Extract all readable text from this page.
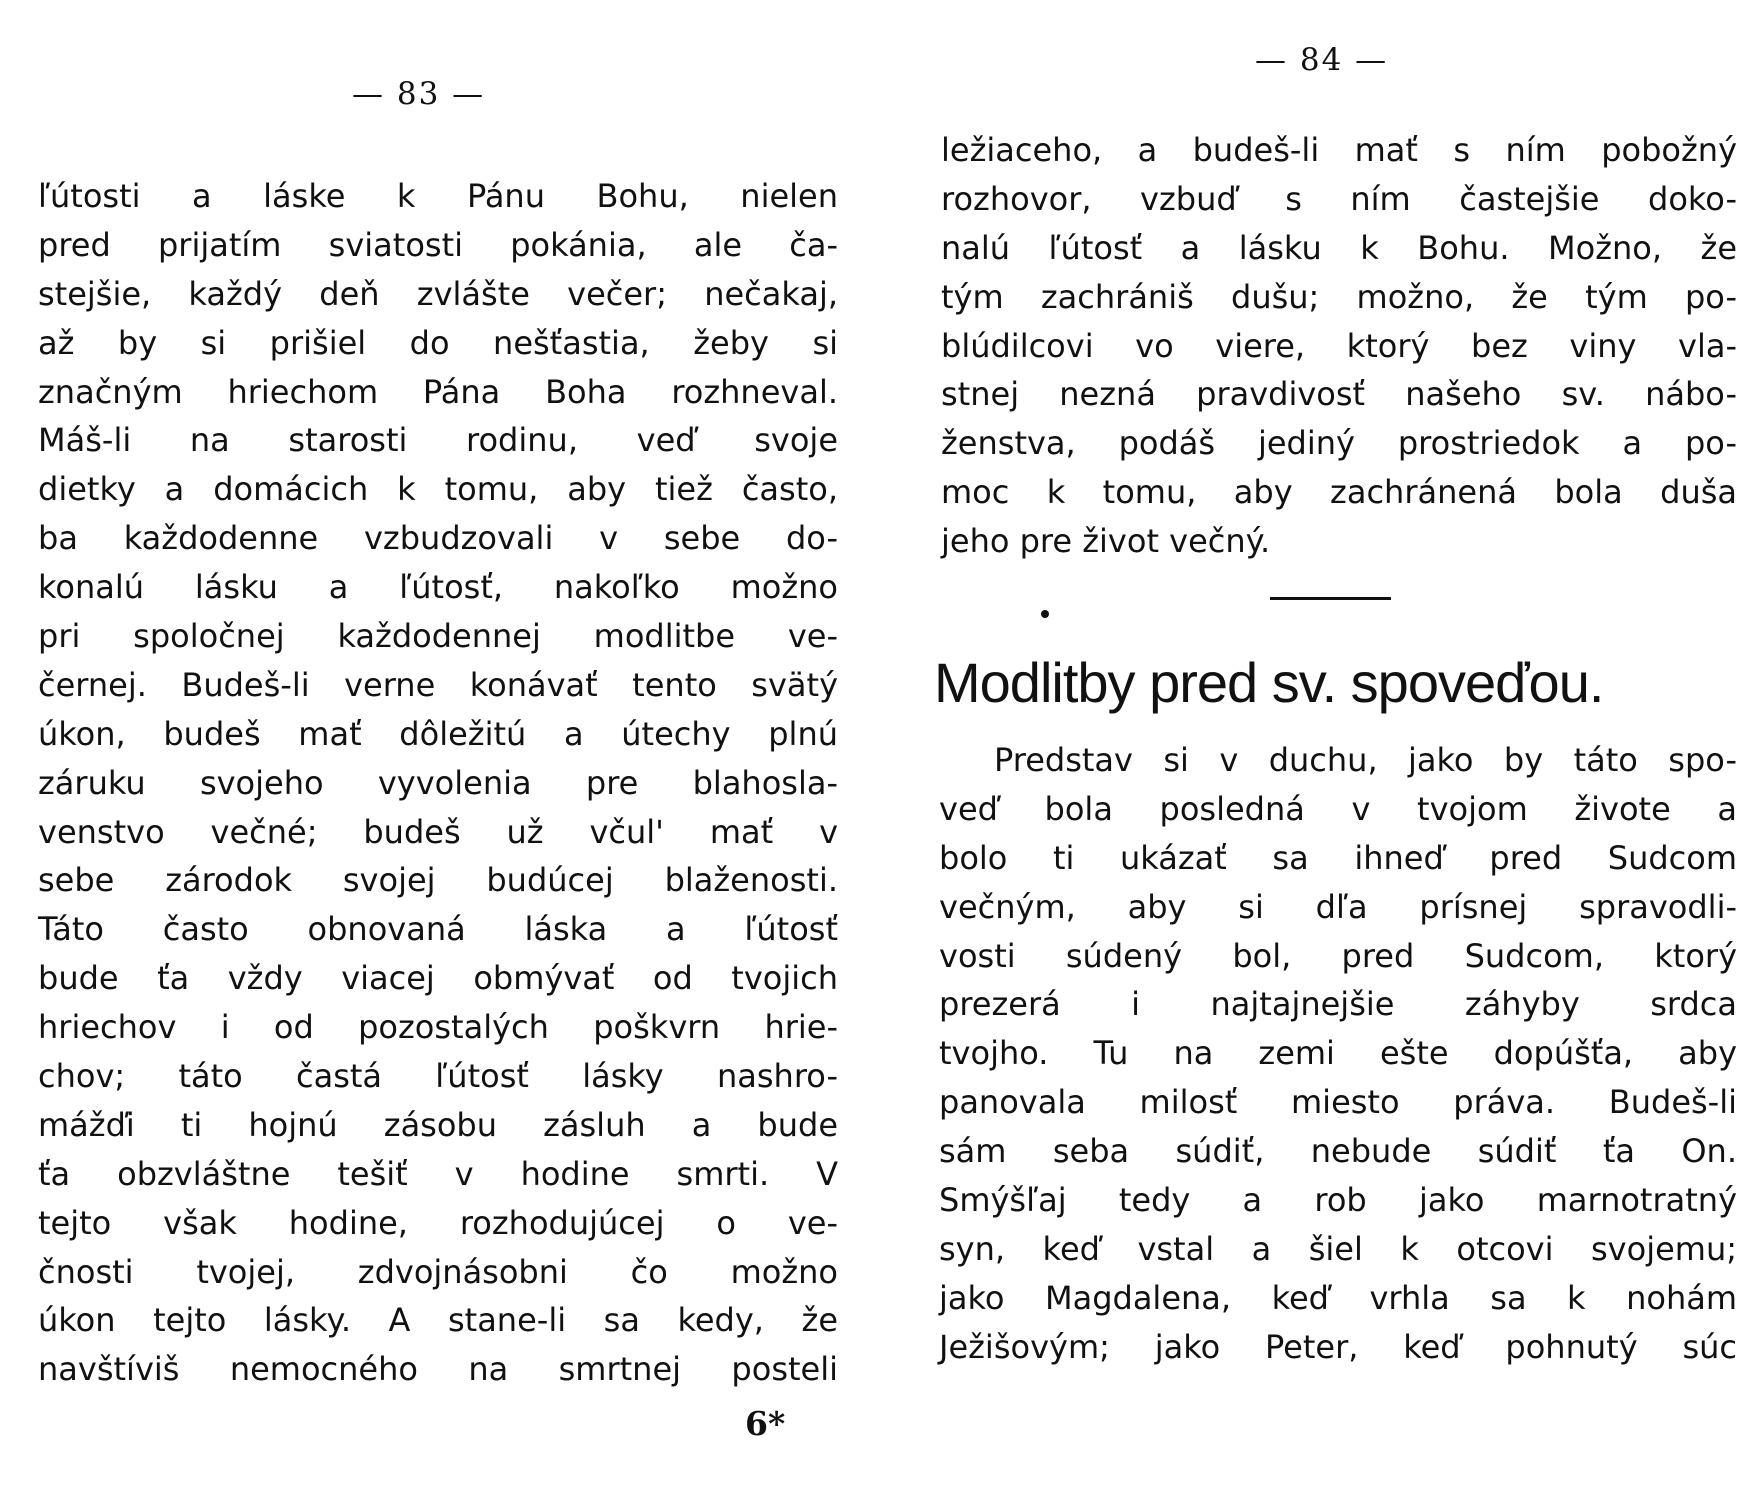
— 83 —
ľútosti a láske k Pánu Bohu, nielen
pred prijatím sviatosti pokánia, ale ča-
stejšie, každý deň zvlášte večer; nečakaj,
až by si prišiel do nešťastia, žeby si
značným hriechom Pána Boha rozhneval.
Máš-li na starosti rodinu, veď svoje
dietky a domácich k tomu, aby tiež často,
ba každodenne vzbudzovali v sebe do-
konalú lásku a ľútosť, nakoľko možno
pri spoločnej každodennej modlitbe ve-
černej. Budeš-li verne konávať tento svätý
úkon, budeš mať dôležitú a útechy plnú
záruku svojeho vyvolenia pre blahosla-
venstvo večné; budeš už včul' mať v
sebe zárodok svojej budúcej blaženosti.
Táto často obnovaná láska a ľútosť
bude ťa vždy viacej obmývať od tvojich
hriechov i od pozostalých poškvrn hrie-
chov; táto častá ľútosť lásky nashro-
mážďi ti hojnú zásobu zásluh a bude
ťa obzvláštne tešiť v hodine smrti. V
tejto však hodine, rozhodujúcej o ve-
čnosti tvojej, zdvojnásobni čo možno
úkon tejto lásky. A stane-li sa kedy, že
navštíviš nemocného na smrtnej posteli
6*
— 84 —
ležiaceho, a budeš-li mať s ním pobožný
rozhovor, vzbuď s ním častejšie doko-
nalú ľútosť a lásku k Bohu. Možno, že
tým zachrániš dušu; možno, že tým po-
blúdilcovi vo viere, ktorý bez viny vla-
stnej nezná pravdivosť našeho sv. nábo-
ženstva, podáš jediný prostriedok a po-
moc k tomu, aby zachránená bola duša
jeho pre život večný.
Modlitby pred sv. spoveďou.
Predstav si v duchu, jako by táto spo-
veď bola posledná v tvojom živote a
bolo ti ukázať sa ihneď pred Sudcom
večným, aby si dľa prísnej spravodli-
vosti súdený bol, pred Sudcom, ktorý
prezerá i najtajnejšie záhyby srdca
tvojho. Tu na zemi ešte dopúšťa, aby
panovala milosť miesto práva. Budeš-li
sám seba súdiť, nebude súdiť ťa On.
Smýšľaj tedy a rob jako marnotratný
syn, keď vstal a šiel k otcovi svojemu;
jako Magdalena, keď vrhla sa k nohám
Ježišovým; jako Peter, keď pohnutý súc
